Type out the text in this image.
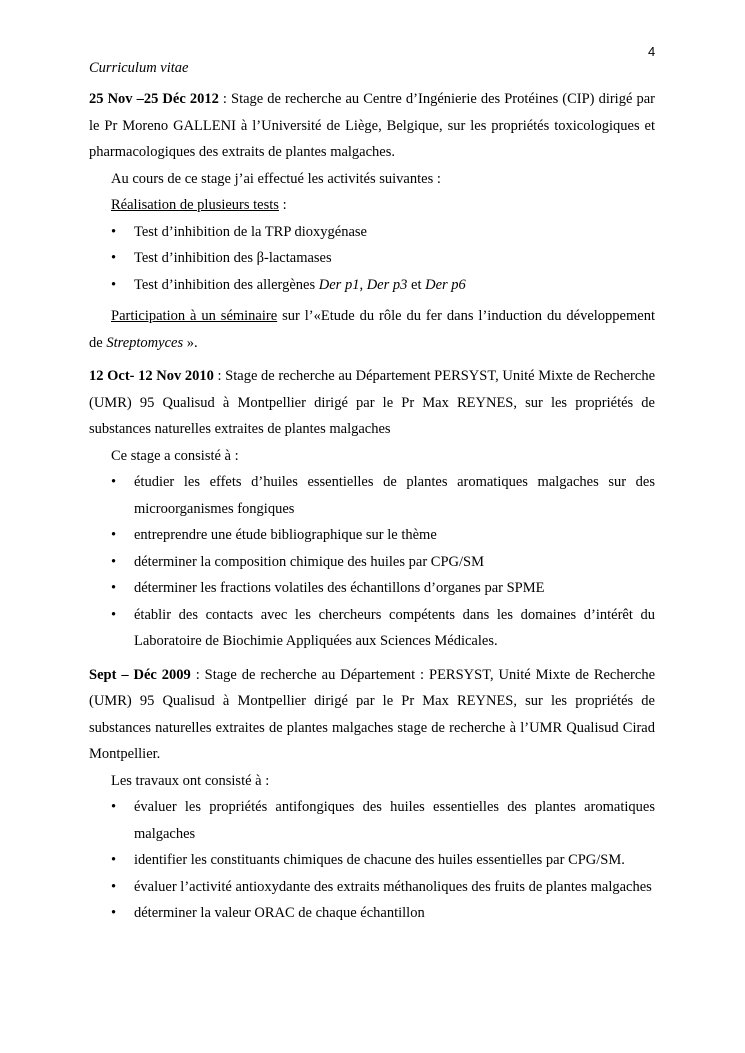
4
Curriculum vitae

25 Nov –25 Déc 2012 : Stage de recherche au Centre d’Ingénierie des Protéines (CIP) dirigé par le Pr Moreno GALLENI à l’Université de Liège, Belgique, sur les propriétés toxicologiques et pharmacologiques des extraits de plantes malgaches.

Au cours de ce stage j’ai effectué les activités suivantes :

Réalisation de plusieurs tests :

• Test d’inhibition de la TRP dioxygénase
• Test d’inhibition des β-lactamases
• Test d’inhibition des allergènes Der p1, Der p3 et Der p6

Participation à un séminaire sur l’«Etude du rôle du fer dans l’induction du développement de Streptomyces ».

12 Oct- 12 Nov 2010 : Stage de recherche au Département PERSYST, Unité Mixte de Recherche (UMR) 95 Qualisud à Montpellier dirigé par le Pr Max REYNES, sur les propriétés de substances naturelles extraites de plantes malgaches

Ce stage a consisté à :

• étudier les effets d’huiles essentielles de plantes aromatiques malgaches sur des microorganismes fongiques
• entreprendre une étude bibliographique sur le thème
• déterminer la composition chimique des huiles par CPG/SM
• déterminer les fractions volatiles des échantillons d’organes par SPME
• établir des contacts avec les chercheurs compétents dans les domaines d’intérêt du Laboratoire de Biochimie Appliquées aux Sciences Médicales.

Sept – Déc 2009 : Stage de recherche au Département : PERSYST, Unité Mixte de Recherche (UMR) 95 Qualisud à Montpellier dirigé par le Pr Max REYNES, sur les propriétés de substances naturelles extraites de plantes malgaches stage de recherche à l’UMR Qualisud Cirad Montpellier.

Les travaux ont consisté à :

• évaluer les propriétés antifongiques des huiles essentielles des plantes aromatiques malgaches
• identifier les constituants chimiques de chacune des huiles essentielles par CPG/SM.
• évaluer l’activité antioxydante des extraits méthanoliques des fruits de plantes malgaches
• déterminer la valeur ORAC de chaque échantillon
